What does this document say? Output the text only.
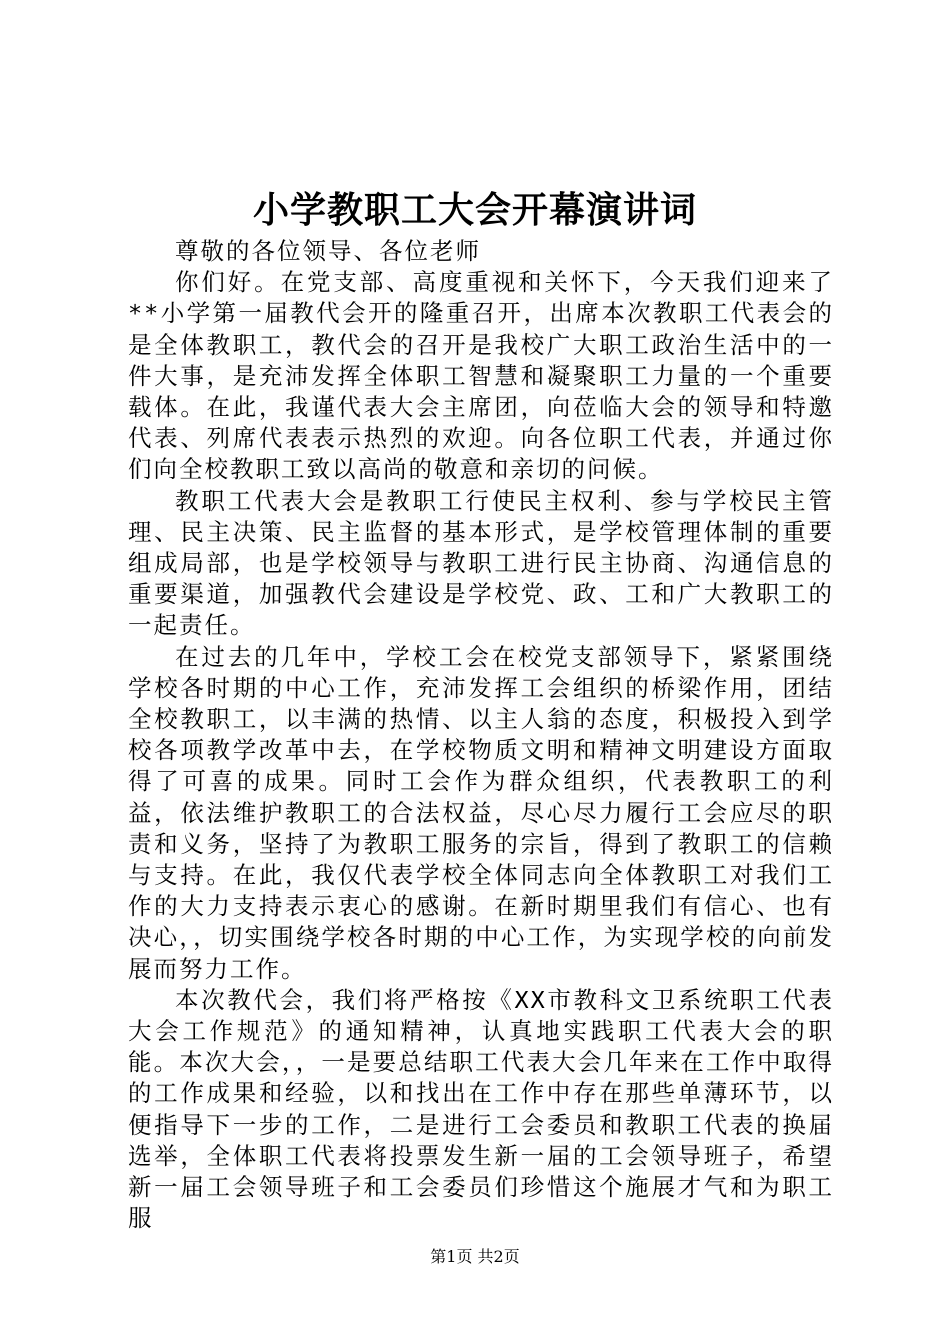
小学教职工大会开幕演讲词

尊敬的各位领导、各位老师

你们好。在党支部、高度重视和关怀下，今天我们迎来了**小学第一届教代会开的隆重召开，出席本次教职工代表会的是全体教职工，教代会的召开是我校广大职工政治生活中的一件大事，是充沛发挥全体职工智慧和凝聚职工力量的一个重要载体。在此，我谨代表大会主席团，向莅临大会的领导和特邀代表、列席代表表示热烈的欢迎。向各位职工代表，并通过你们向全校教职工致以高尚的敬意和亲切的问候。

教职工代表大会是教职工行使民主权利、参与学校民主管理、民主决策、民主监督的基本形式，是学校管理体制的重要组成局部，也是学校领导与教职工进行民主协商、沟通信息的重要渠道，加强教代会建设是学校党、政、工和广大教职工的一起责任。

在过去的几年中，学校工会在校党支部领导下，紧紧围绕学校各时期的中心工作，充沛发挥工会组织的桥梁作用，团结全校教职工，以丰满的热情、以主人翁的态度，积极投入到学校各项教学改革中去，在学校物质文明和精神文明建设方面取得了可喜的成果。同时工会作为群众组织，代表教职工的利益，依法维护教职工的合法权益，尽心尽力履行工会应尽的职责和义务，坚持了为教职工服务的宗旨，得到了教职工的信赖与支持。在此，我仅代表学校全体同志向全体教职工对我们工作的大力支持表示衷心的感谢。在新时期里我们有信心、也有决心，，切实围绕学校各时期的中心工作，为实现学校的向前发展而努力工作。

本次教代会，我们将严格按《XX市教科文卫系统职工代表大会工作规范》的通知精神，认真地实践职工代表大会的职能。本次大会，，一是要总结职工代表大会几年来在工作中取得的工作成果和经验，以和找出在工作中存在那些单薄环节，以便指导下一步的工作，二是进行工会委员和教职工代表的换届选举，全体职工代表将投票发生新一届的工会领导班子，希望新一届工会领导班子和工会委员们珍惜这个施展才气和为职工服

第1页 共2页
